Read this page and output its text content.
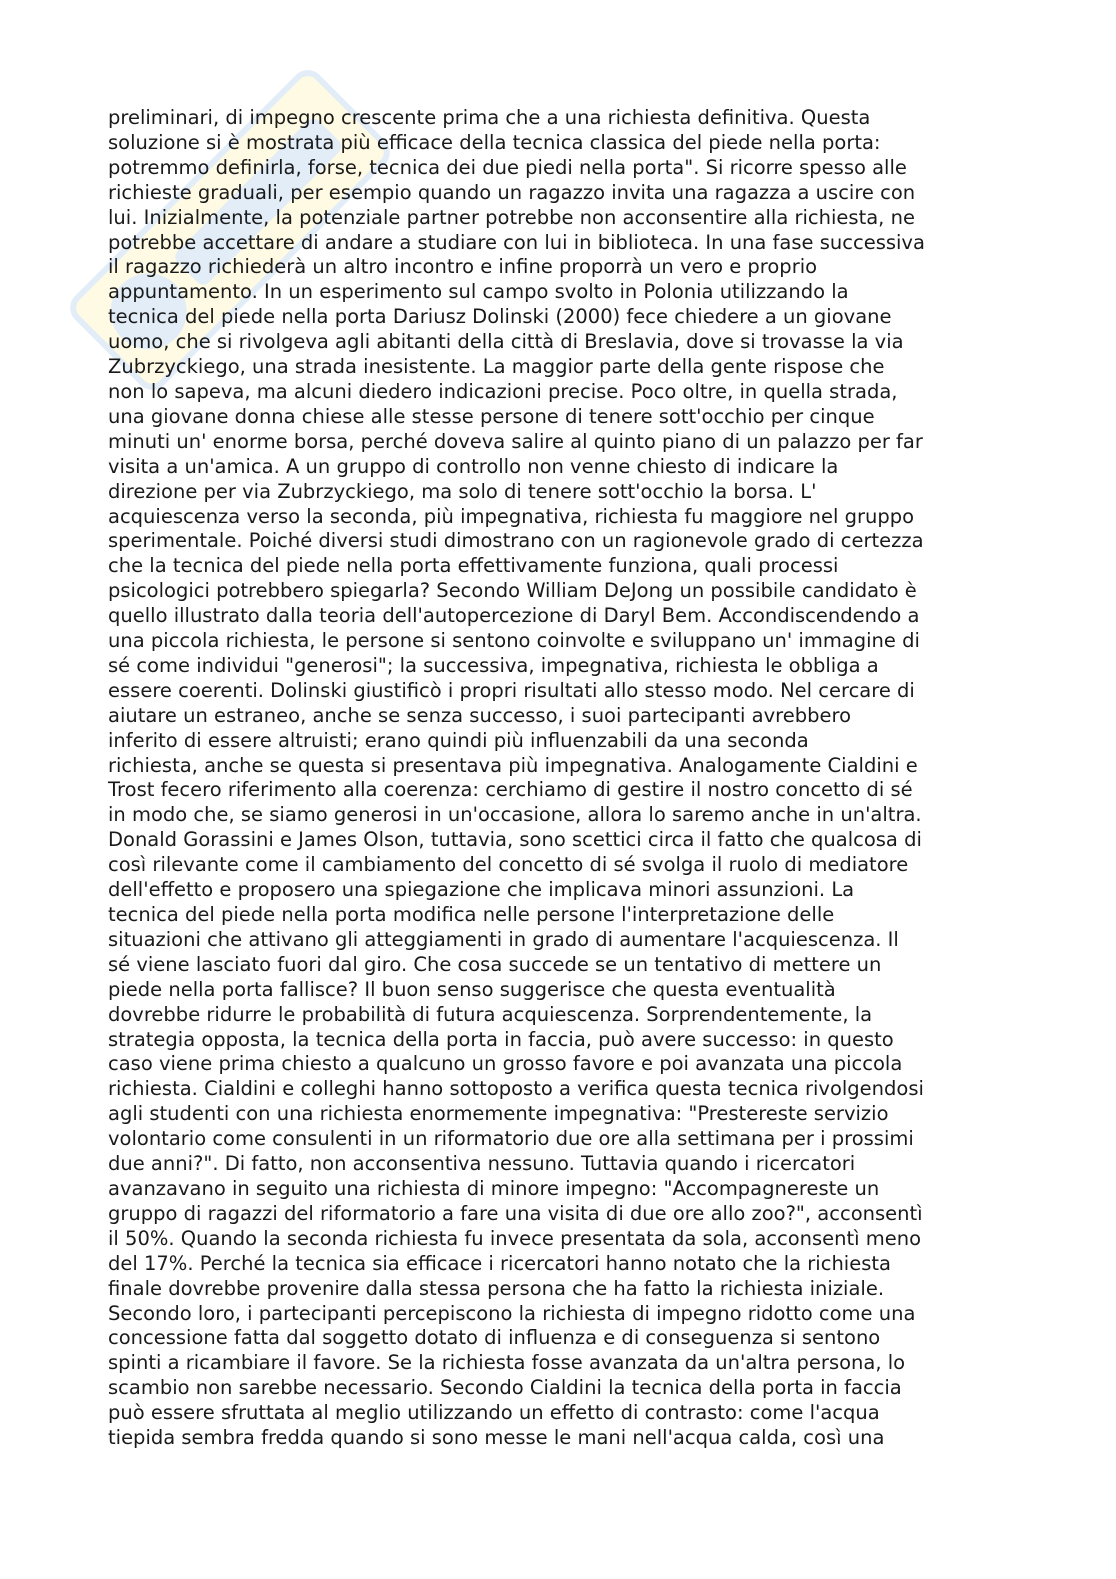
preliminari, di impegno crescente prima che a una richiesta definitiva. Questa
soluzione si è mostrata più efficace della tecnica classica del piede nella porta:
potremmo definirla, forse, tecnica dei due piedi nella porta". Si ricorre spesso alle
richieste graduali, per esempio quando un ragazzo invita una ragazza a uscire con
lui. Inizialmente, la potenziale partner potrebbe non acconsentire alla richiesta, ne
potrebbe accettare di andare a studiare con lui in biblioteca. In una fase successiva
il ragazzo richiederà un altro incontro e infine proporrà un vero e proprio
appuntamento. In un esperimento sul campo svolto in Polonia utilizzando la
tecnica del piede nella porta Dariusz Dolinski (2000) fece chiedere a un giovane
uomo, che si rivolgeva agli abitanti della città di Breslavia, dove si trovasse la via
Zubrzyckiego, una strada inesistente. La maggior parte della gente rispose che
non lo sapeva, ma alcuni diedero indicazioni precise. Poco oltre, in quella strada,
una giovane donna chiese alle stesse persone di tenere sott'occhio per cinque
minuti un' enorme borsa, perché doveva salire al quinto piano di un palazzo per far
visita a un'amica. A un gruppo di controllo non venne chiesto di indicare la
direzione per via Zubrzyckiego, ma solo di tenere sott'occhio la borsa. L'
acquiescenza verso la seconda, più impegnativa, richiesta fu maggiore nel gruppo
sperimentale. Poiché diversi studi dimostrano con un ragionevole grado di certezza
che la tecnica del piede nella porta effettivamente funziona, quali processi
psicologici potrebbero spiegarla? Secondo William DeJong un possibile candidato è
quello illustrato dalla teoria dell'autopercezione di Daryl Bem. Accondiscendendo a
una piccola richiesta, le persone si sentono coinvolte e sviluppano un' immagine di
sé come individui "generosi"; la successiva, impegnativa, richiesta le obbliga a
essere coerenti. Dolinski giustificò i propri risultati allo stesso modo. Nel cercare di
aiutare un estraneo, anche se senza successo, i suoi partecipanti avrebbero
inferito di essere altruisti; erano quindi più influenzabili da una seconda
richiesta, anche se questa si presentava più impegnativa. Analogamente Cialdini e
Trost fecero riferimento alla coerenza: cerchiamo di gestire il nostro concetto di sé
in modo che, se siamo generosi in un'occasione, allora lo saremo anche in un'altra.
Donald Gorassini e James Olson, tuttavia, sono scettici circa il fatto che qualcosa di
così rilevante come il cambiamento del concetto di sé svolga il ruolo di mediatore
dell'effetto e proposero una spiegazione che implicava minori assunzioni. La
tecnica del piede nella porta modifica nelle persone l'interpretazione delle
situazioni che attivano gli atteggiamenti in grado di aumentare l'acquiescenza. Il
sé viene lasciato fuori dal giro. Che cosa succede se un tentativo di mettere un
piede nella porta fallisce? Il buon senso suggerisce che questa eventualità
dovrebbe ridurre le probabilità di futura acquiescenza. Sorprendentemente, la
strategia opposta, la tecnica della porta in faccia, può avere successo: in questo
caso viene prima chiesto a qualcuno un grosso favore e poi avanzata una piccola
richiesta. Cialdini e colleghi hanno sottoposto a verifica questa tecnica rivolgendosi
agli studenti con una richiesta enormemente impegnativa: "Prestereste servizio
volontario come consulenti in un riformatorio due ore alla settimana per i prossimi
due anni?". Di fatto, non acconsentiva nessuno. Tuttavia quando i ricercatori
avanzavano in seguito una richiesta di minore impegno: "Accompagnereste un
gruppo di ragazzi del riformatorio a fare una visita di due ore allo zoo?", acconsentì
il 50%. Quando la seconda richiesta fu invece presentata da sola, acconsentì meno
del 17%. Perché la tecnica sia efficace i ricercatori hanno notato che la richiesta
finale dovrebbe provenire dalla stessa persona che ha fatto la richiesta iniziale.
Secondo loro, i partecipanti percepiscono la richiesta di impegno ridotto come una
concessione fatta dal soggetto dotato di influenza e di conseguenza si sentono
spinti a ricambiare il favore. Se la richiesta fosse avanzata da un'altra persona, lo
scambio non sarebbe necessario. Secondo Cialdini la tecnica della porta in faccia
può essere sfruttata al meglio utilizzando un effetto di contrasto: come l'acqua
tiepida sembra fredda quando si sono messe le mani nell'acqua calda, così una
